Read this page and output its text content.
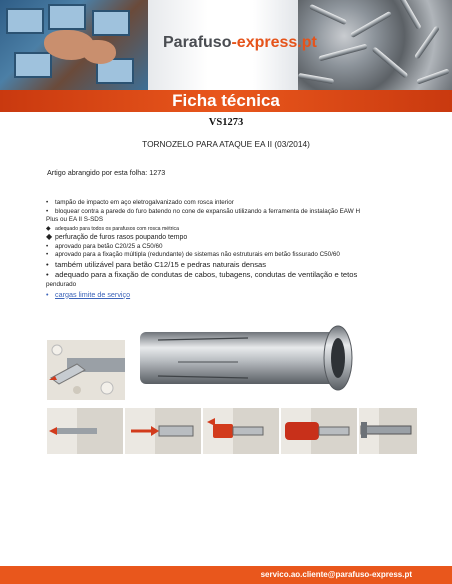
Parafuso-express.pt
Ficha técnica
VS1273
TORNOZELO PARA ATAQUE EA II (03/2014)
Artigo abrangido por esta folha: 1273
• tampão de impacto em aço eletrogalvanizado com rosca interior
• bloquear contra a parede do furo batendo no cone de expansão utilizando a ferramenta de instalação EAW H
Plus ou EA II S-SDS
◆ adequado para todos os parafusos com rosca métrica
◆ perfuração de furos rasos poupando tempo
• aprovado para betão C20/25 a C50/60
• aprovado para a fixação múltipla (redundante) de sistemas não estruturais em betão fissurado C50/60
• também utilizável para betão C12/15 e pedras naturais densas
• adequado para a fixação de condutas de cabos, tubagens, condutas de ventilação e tetos
pendurado
• cargas limite de serviço
servico.ao.cliente@parafuso-express.pt
